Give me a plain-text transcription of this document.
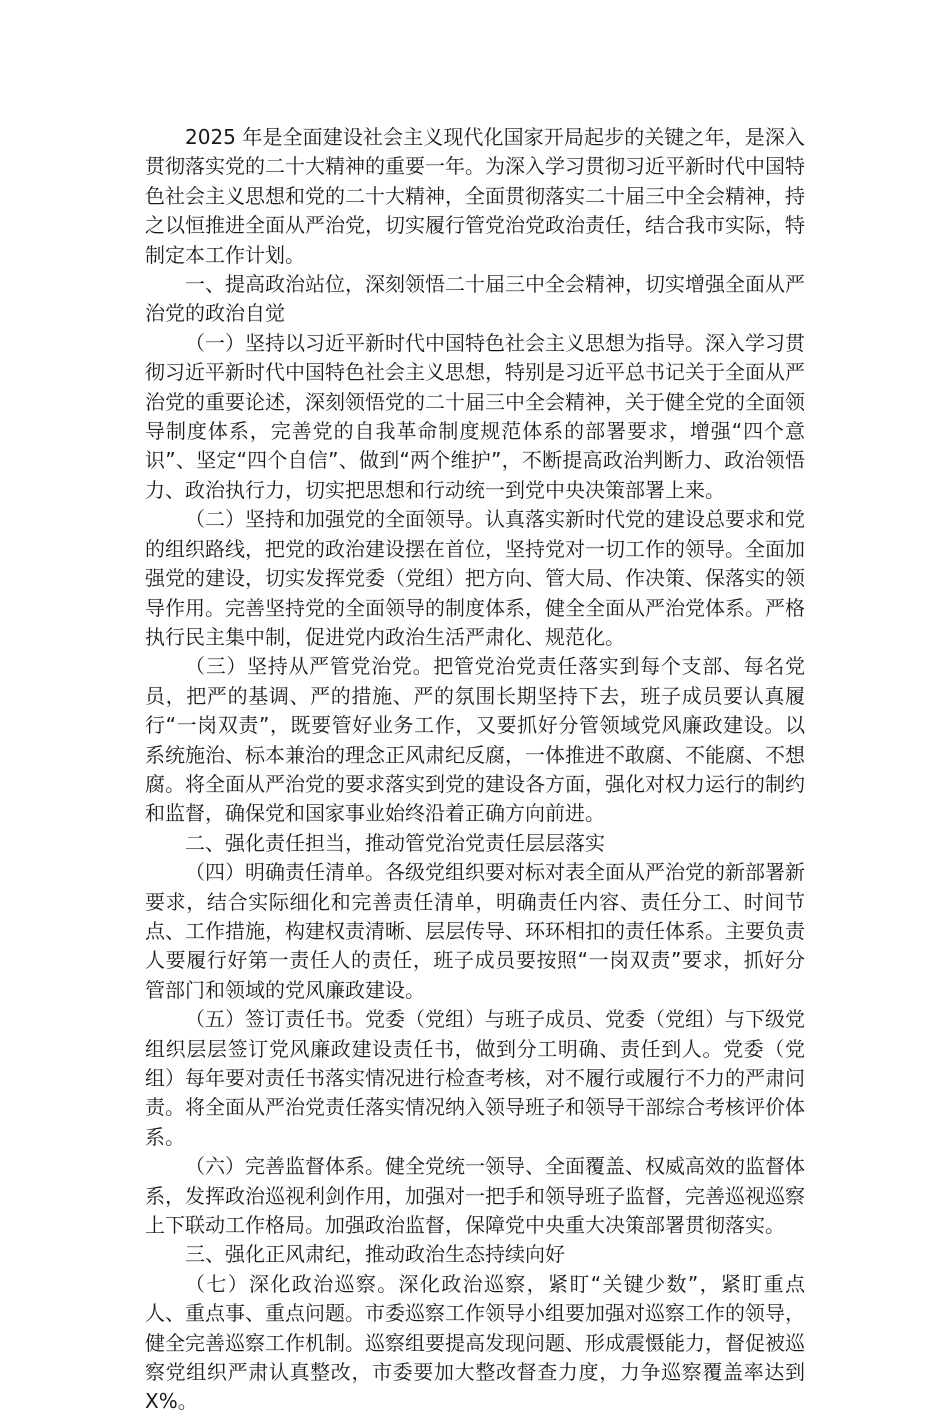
2025 年是全面建设社会主义现代化国家开局起步的关键之年，是深入贯彻落实党的二十大精神的重要一年。为深入学习贯彻习近平新时代中国特色社会主义思想和党的二十大精神，全面贯彻落实二十届三中全会精神，持之以恒推进全面从严治党，切实履行管党治党政治责任，结合我市实际，特制定本工作计划。

一、提高政治站位，深刻领悟二十届三中全会精神，切实增强全面从严治党的政治自觉

（一）坚持以习近平新时代中国特色社会主义思想为指导。深入学习贯彻习近平新时代中国特色社会主义思想，特别是习近平总书记关于全面从严治党的重要论述，深刻领悟党的二十届三中全会精神，关于健全党的全面领导制度体系，完善党的自我革命制度规范体系的部署要求，增强“四个意识”、坚定“四个自信”、做到“两个维护”，不断提高政治判断力、政治领悟力、政治执行力，切实把思想和行动统一到党中央决策部署上来。

（二）坚持和加强党的全面领导。认真落实新时代党的建设总要求和党的组织路线，把党的政治建设摆在首位，坚持党对一切工作的领导。全面加强党的建设，切实发挥党委（党组）把方向、管大局、作决策、保落实的领导作用。完善坚持党的全面领导的制度体系，健全全面从严治党体系。严格执行民主集中制，促进党内政治生活严肃化、规范化。

（三）坚持从严管党治党。把管党治党责任落实到每个支部、每名党员，把严的基调、严的措施、严的氛围长期坚持下去，班子成员要认真履行“一岗双责”，既要管好业务工作，又要抓好分管领域党风廉政建设。以系统施治、标本兼治的理念正风肃纪反腐，一体推进不敢腐、不能腐、不想腐。将全面从严治党的要求落实到党的建设各方面，强化对权力运行的制约和监督，确保党和国家事业始终沿着正确方向前进。

二、强化责任担当，推动管党治党责任层层落实

（四）明确责任清单。各级党组织要对标对表全面从严治党的新部署新要求，结合实际细化和完善责任清单，明确责任内容、责任分工、时间节点、工作措施，构建权责清晰、层层传导、环环相扣的责任体系。主要负责人要履行好第一责任人的责任，班子成员要按照“一岗双责”要求，抓好分管部门和领域的党风廉政建设。

（五）签订责任书。党委（党组）与班子成员、党委（党组）与下级党组织层层签订党风廉政建设责任书，做到分工明确、责任到人。党委（党组）每年要对责任书落实情况进行检查考核，对不履行或履行不力的严肃问责。将全面从严治党责任落实情况纳入领导班子和领导干部综合考核评价体系。

（六）完善监督体系。健全党统一领导、全面覆盖、权威高效的监督体系，发挥政治巡视利剑作用，加强对一把手和领导班子监督，完善巡视巡察上下联动工作格局。加强政治监督，保障党中央重大决策部署贯彻落实。

三、强化正风肃纪，推动政治生态持续向好

（七）深化政治巡察。深化政治巡察，紧盯“关键少数”，紧盯重点人、重点事、重点问题。市委巡察工作领导小组要加强对巡察工作的领导，健全完善巡察工作机制。巡察组要提高发现问题、形成震慑能力，督促被巡察党组织严肃认真整改，市委要加大整改督查力度，力争巡察覆盖率达到 X%。
